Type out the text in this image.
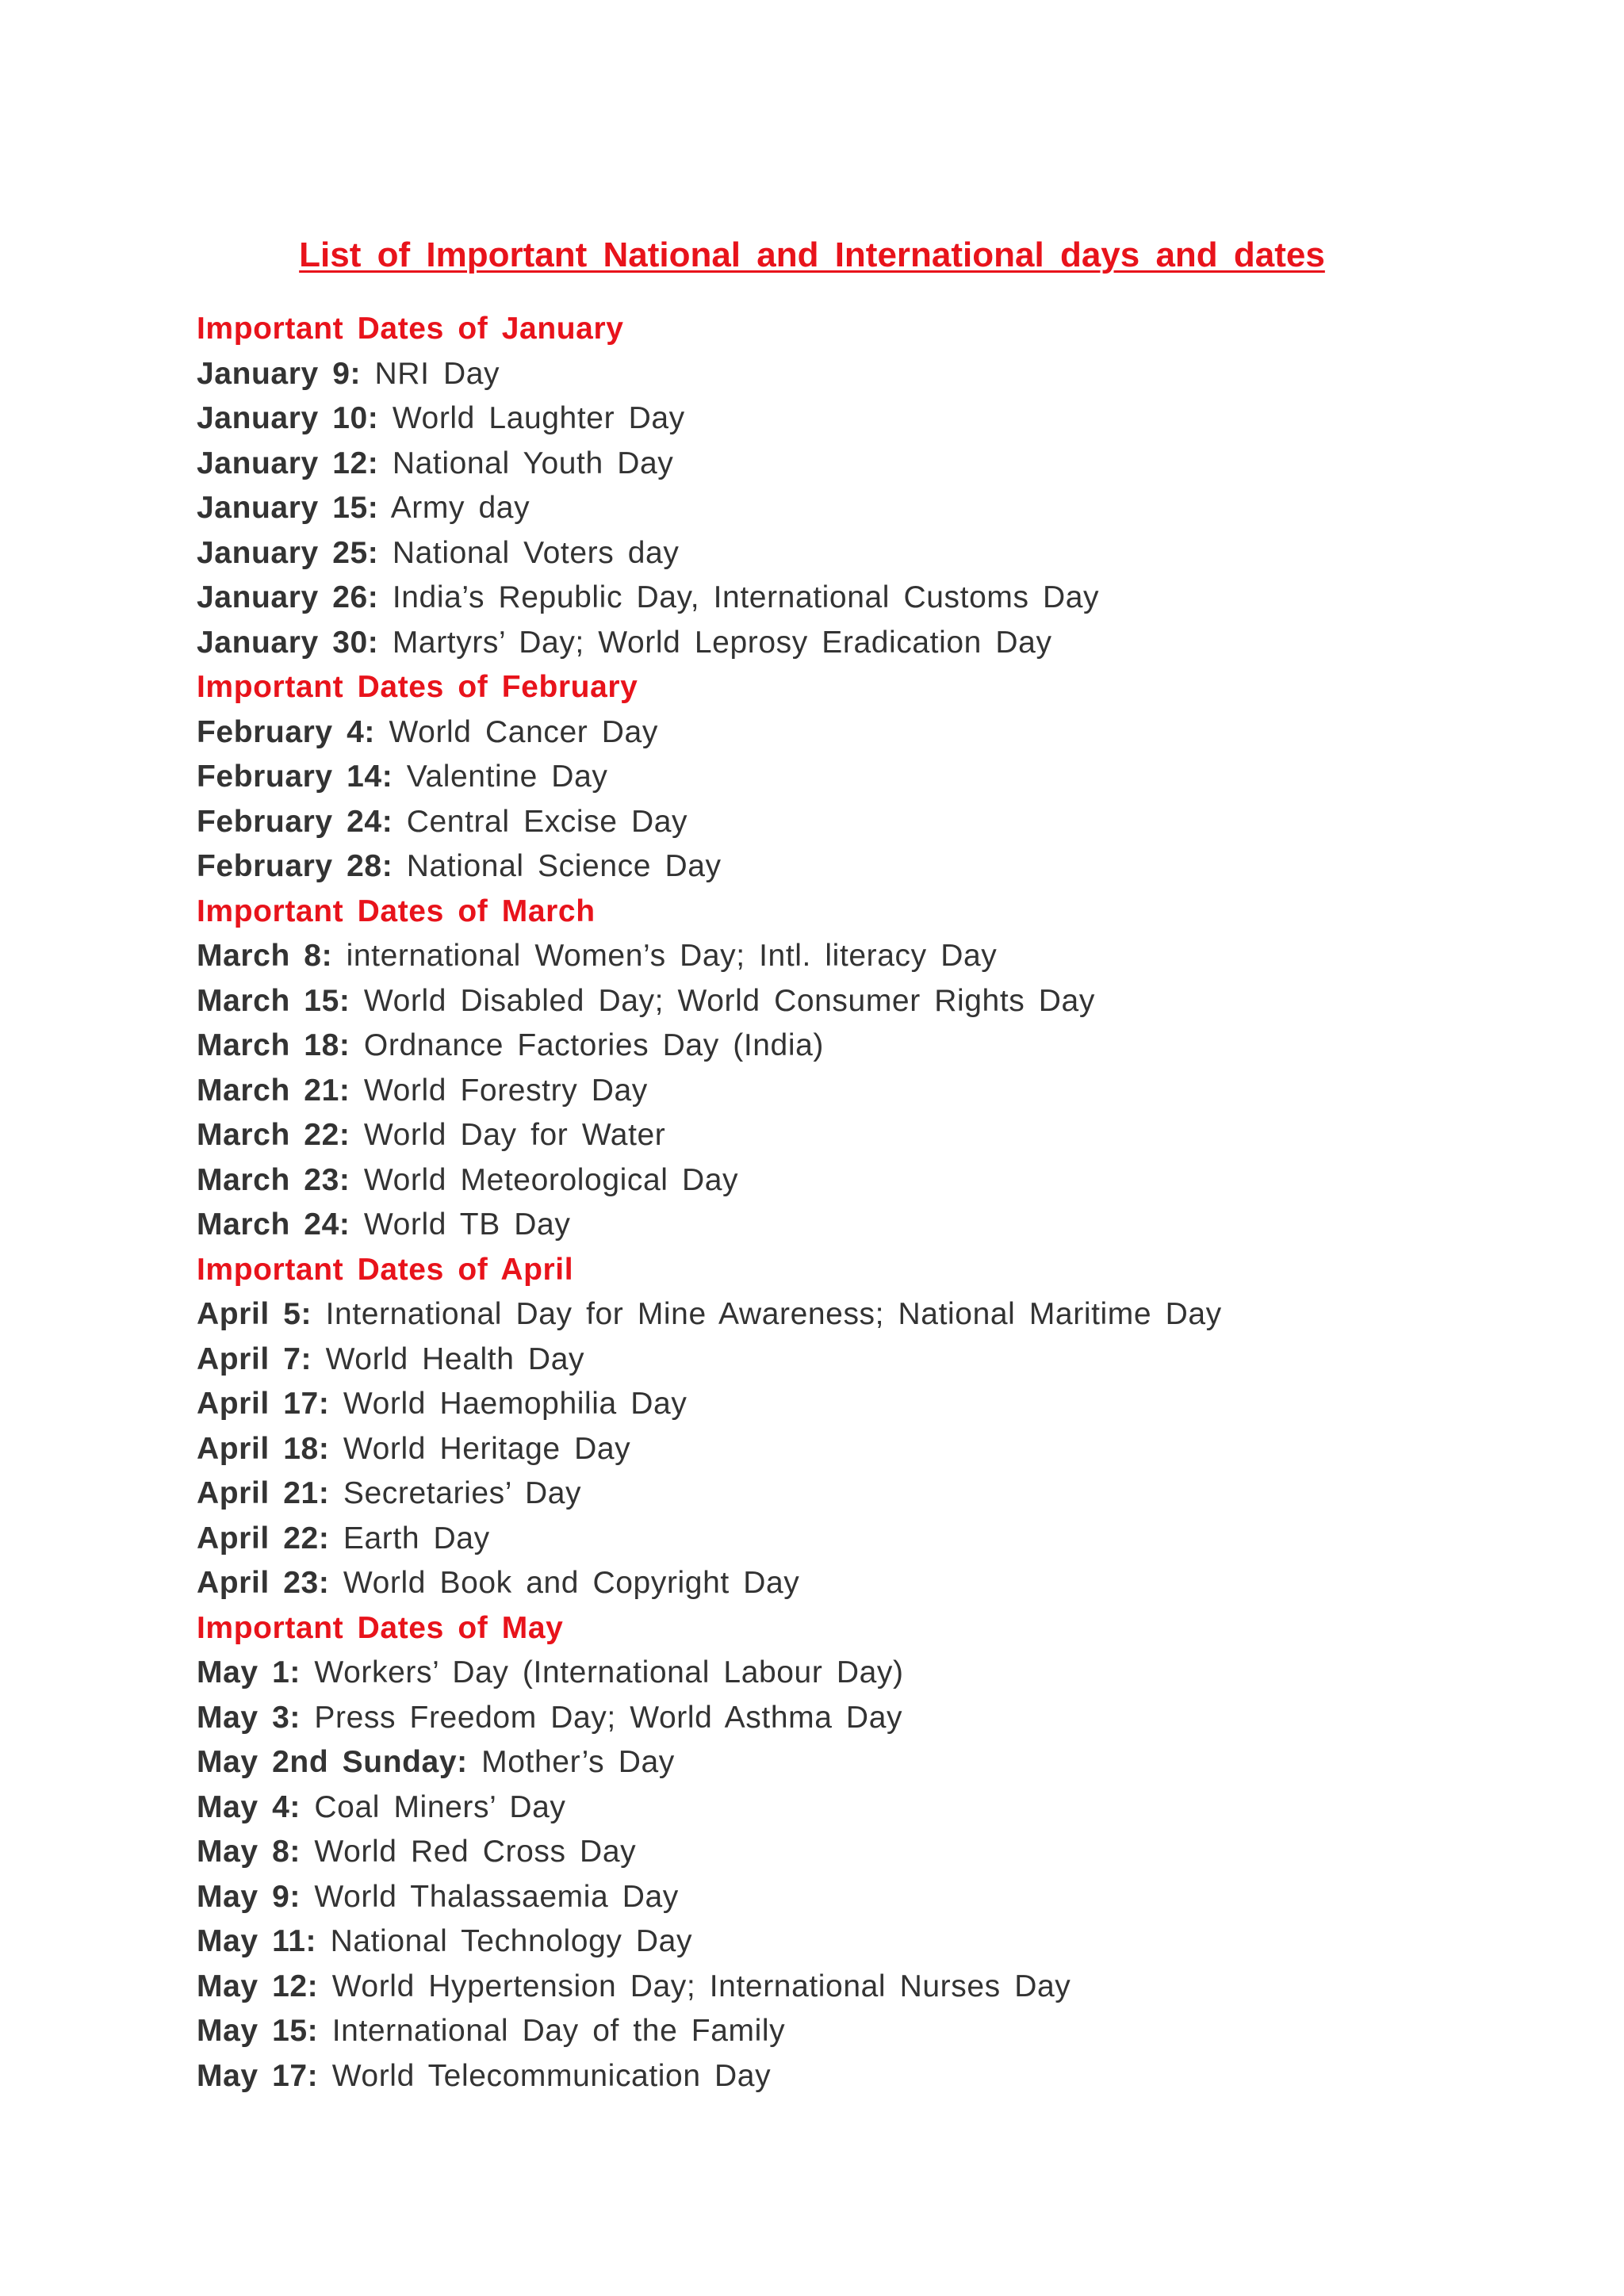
List of Important National and International days and dates
Important Dates of January
January 9: NRI Day
January 10: World Laughter Day
January 12: National Youth Day
January 15: Army day
January 25: National Voters day
January 26: India’s Republic Day, International Customs Day
January 30: Martyrs’ Day; World Leprosy Eradication Day
Important Dates of February
February 4: World Cancer Day
February 14: Valentine Day
February 24: Central Excise Day
February 28: National Science Day
Important Dates of March
March 8: international Women’s Day; Intl. literacy Day
March 15: World Disabled Day; World Consumer Rights Day
March 18: Ordnance Factories Day (India)
March 21: World Forestry Day
March 22: World Day for Water
March 23: World Meteorological Day
March 24: World TB Day
Important Dates of April
April 5: International Day for Mine Awareness; National Maritime Day
April 7: World Health Day
April 17: World Haemophilia Day
April 18: World Heritage Day
April 21: Secretaries’ Day
April 22: Earth Day
April 23: World Book and Copyright Day
Important Dates of May
May 1: Workers’ Day (International Labour Day)
May 3: Press Freedom Day; World Asthma Day
May 2nd Sunday: Mother’s Day
May 4: Coal Miners’ Day
May 8: World Red Cross Day
May 9: World Thalassaemia Day
May 11: National Technology Day
May 12: World Hypertension Day; International Nurses Day
May 15: International Day of the Family
May 17: World Telecommunication Day
